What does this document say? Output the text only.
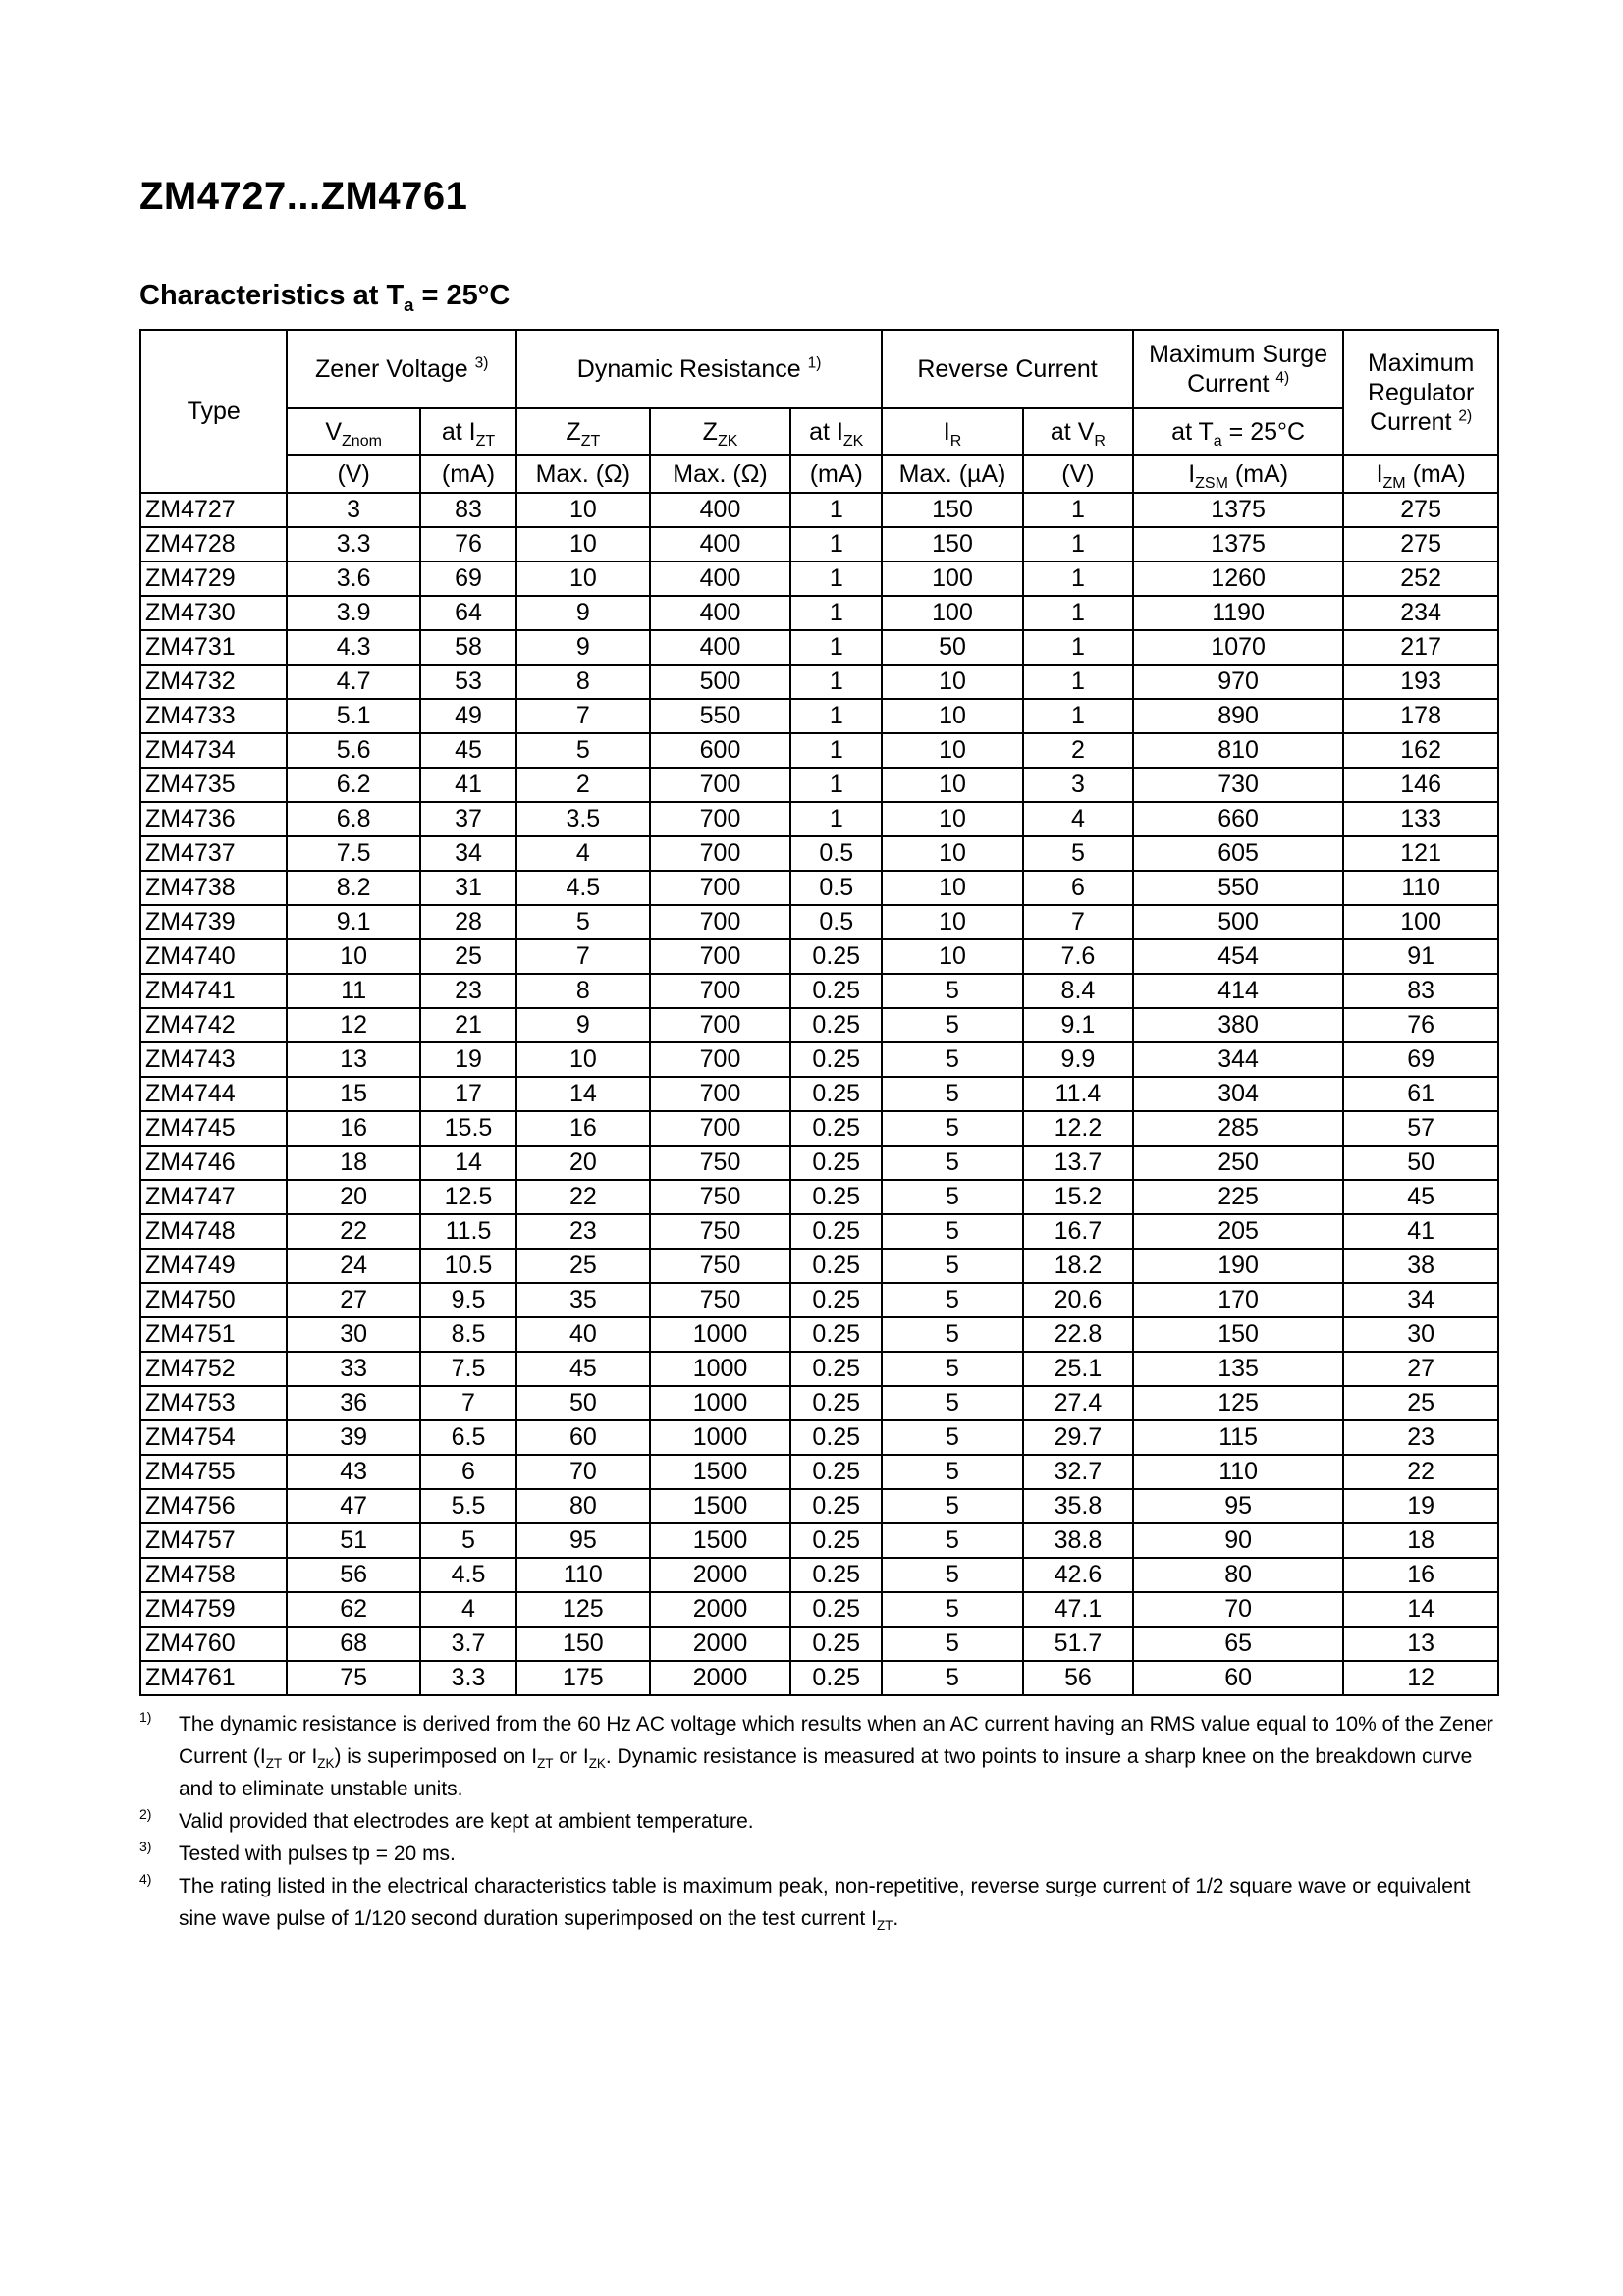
ZM4727...ZM4761
Characteristics at $T_a = 25^\circ C$
Type	Zener Voltage $^{3)}$		Dynamic Resistance $^{1)}$			Reverse Current		Maximum Surge Current $^{4)}$	Maximum Regulator Current $^{2)}$
	$V_{Znom}$	at $I_{ZT}$	$Z_{ZT}$	$Z_{ZK}$	at $I_{ZK}$	$I_R$	at $V_R$	at $T_a = 25^\circ C$	
	(V)	(mA)	Max. (Ω)	Max. (Ω)	(mA)	Max. (µA)	(V)	$I_{ZSM}$ (mA)	$I_{ZM}$ (mA)
ZM4727	3	83	10	400	1	150	1	1375	275
ZM4728	3.3	76	10	400	1	150	1	1375	275
ZM4729	3.6	69	10	400	1	100	1	1260	252
ZM4730	3.9	64	9	400	1	100	1	1190	234
ZM4731	4.3	58	9	400	1	50	1	1070	217
ZM4732	4.7	53	8	500	1	10	1	970	193
ZM4733	5.1	49	7	550	1	10	1	890	178
ZM4734	5.6	45	5	600	1	10	2	810	162
ZM4735	6.2	41	2	700	1	10	3	730	146
ZM4736	6.8	37	3.5	700	1	10	4	660	133
ZM4737	7.5	34	4	700	0.5	10	5	605	121
ZM4738	8.2	31	4.5	700	0.5	10	6	550	110
ZM4739	9.1	28	5	700	0.5	10	7	500	100
ZM4740	10	25	7	700	0.25	10	7.6	454	91
ZM4741	11	23	8	700	0.25	5	8.4	414	83
ZM4742	12	21	9	700	0.25	5	9.1	380	76
ZM4743	13	19	10	700	0.25	5	9.9	344	69
ZM4744	15	17	14	700	0.25	5	11.4	304	61
ZM4745	16	15.5	16	700	0.25	5	12.2	285	57
ZM4746	18	14	20	750	0.25	5	13.7	250	50
ZM4747	20	12.5	22	750	0.25	5	15.2	225	45
ZM4748	22	11.5	23	750	0.25	5	16.7	205	41
ZM4749	24	10.5	25	750	0.25	5	18.2	190	38
ZM4750	27	9.5	35	750	0.25	5	20.6	170	34
ZM4751	30	8.5	40	1000	0.25	5	22.8	150	30
ZM4752	33	7.5	45	1000	0.25	5	25.1	135	27
ZM4753	36	7	50	1000	0.25	5	27.4	125	25
ZM4754	39	6.5	60	1000	0.25	5	29.7	115	23
ZM4755	43	6	70	1500	0.25	5	32.7	110	22
ZM4756	47	5.5	80	1500	0.25	5	35.8	95	19
ZM4757	51	5	95	1500	0.25	5	38.8	90	18
ZM4758	56	4.5	110	2000	0.25	5	42.6	80	16
ZM4759	62	4	125	2000	0.25	5	47.1	70	14
ZM4760	68	3.7	150	2000	0.25	5	51.7	65	13
ZM4761	75	3.3	175	2000	0.25	5	56	60	12
$^{1)}$ The dynamic resistance is derived from the 60 Hz AC voltage which results when an AC current having an RMS value equal to 10% of the Zener Current ($I_{ZT}$ or $I_{ZK}$) is superimposed on $I_{ZT}$ or $I_{ZK}$. Dynamic resistance is measured at two points to insure a sharp knee on the breakdown curve and to eliminate unstable units.
$^{2)}$ Valid provided that electrodes are kept at ambient temperature.
$^{3)}$ Tested with pulses tp = 20 ms.
$^{4)}$ The rating listed in the electrical characteristics table is maximum peak, non-repetitive, reverse surge current of 1/2 square wave or equivalent sine wave pulse of 1/120 second duration superimposed on the test current $I_{ZT}$.
